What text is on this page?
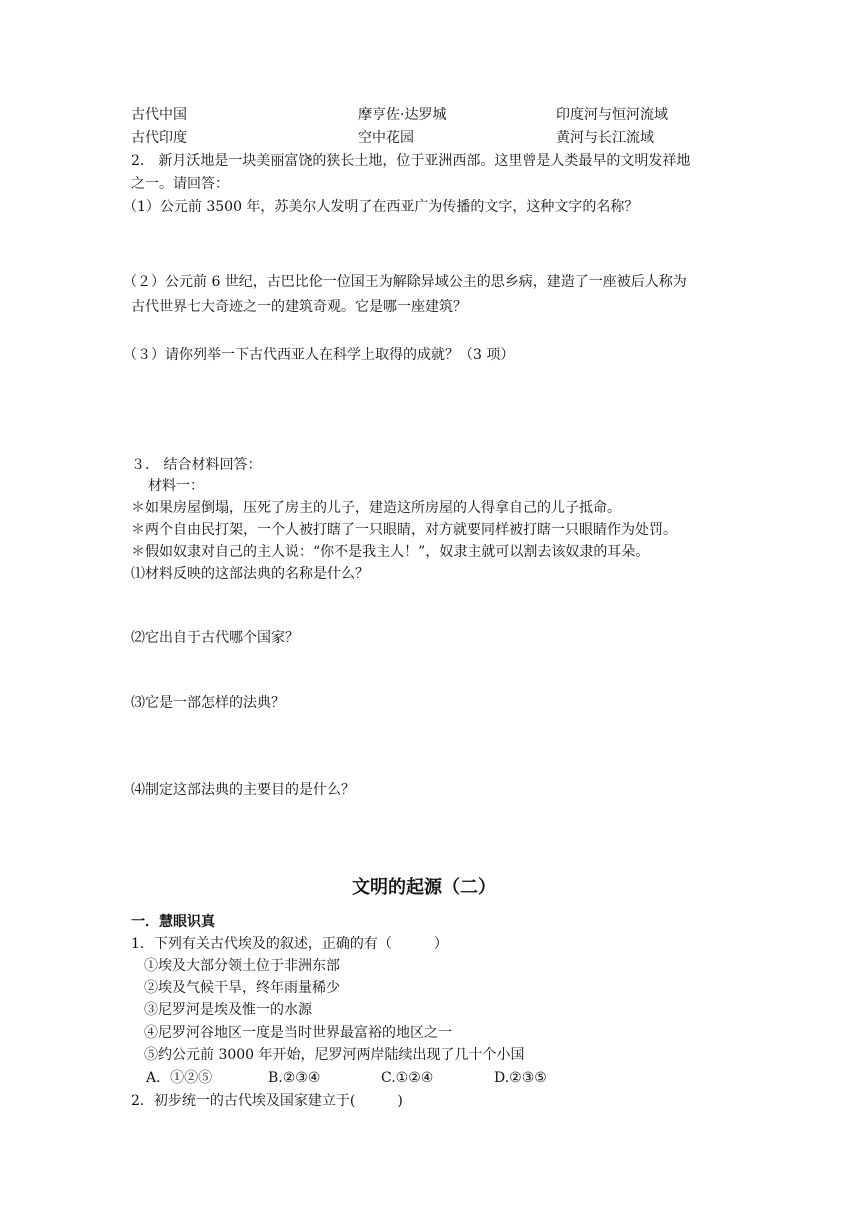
古代中国	摩亨佐·达罗城	印度河与恒河流域
古代印度	空中花园	黄河与长江流域
2． 新月沃地是一块美丽富饶的狭长土地，位于亚洲西部。这里曾是人类最早的文明发祥地
之一。请回答：
（1）公元前 3500 年，苏美尔人发明了在西亚广为传播的文字，这种文字的名称？
（２）公元前 6 世纪，古巴比伦一位国王为解除异域公主的思乡病，建造了一座被后人称为
古代世界七大奇迹之一的建筑奇观。它是哪一座建筑？
（３）请你列举一下古代西亚人在科学上取得的成就？（3 项）
３． 结合材料回答：
材料一：
＊如果房屋倒塌，压死了房主的儿子，建造这所房屋的人得拿自己的儿子抵命。
＊两个自由民打架，一个人被打瞎了一只眼睛，对方就要同样被打瞎一只眼睛作为处罚。
＊假如奴隶对自己的主人说：“你不是我主人！”，奴隶主就可以割去该奴隶的耳朵。
⑴材料反映的这部法典的名称是什么？
⑵它出自于古代哪个国家？
⑶它是一部怎样的法典？
⑷制定这部法典的主要目的是什么？
文明的起源（二）
一．慧眼识真
1．下列有关古代埃及的叙述，正确的有（　　　）
①埃及大部分领土位于非洲东部
②埃及气候干旱，终年雨量稀少
③尼罗河是埃及惟一的水源
④尼罗河谷地区一度是当时世界最富裕的地区之一
⑤约公元前 3000 年开始，尼罗河两岸陆续出现了几十个小国
A．①②⑤	B.②③④	C.①②④	D.②③⑤
2．初步统一的古代埃及国家建立于(　　　)
